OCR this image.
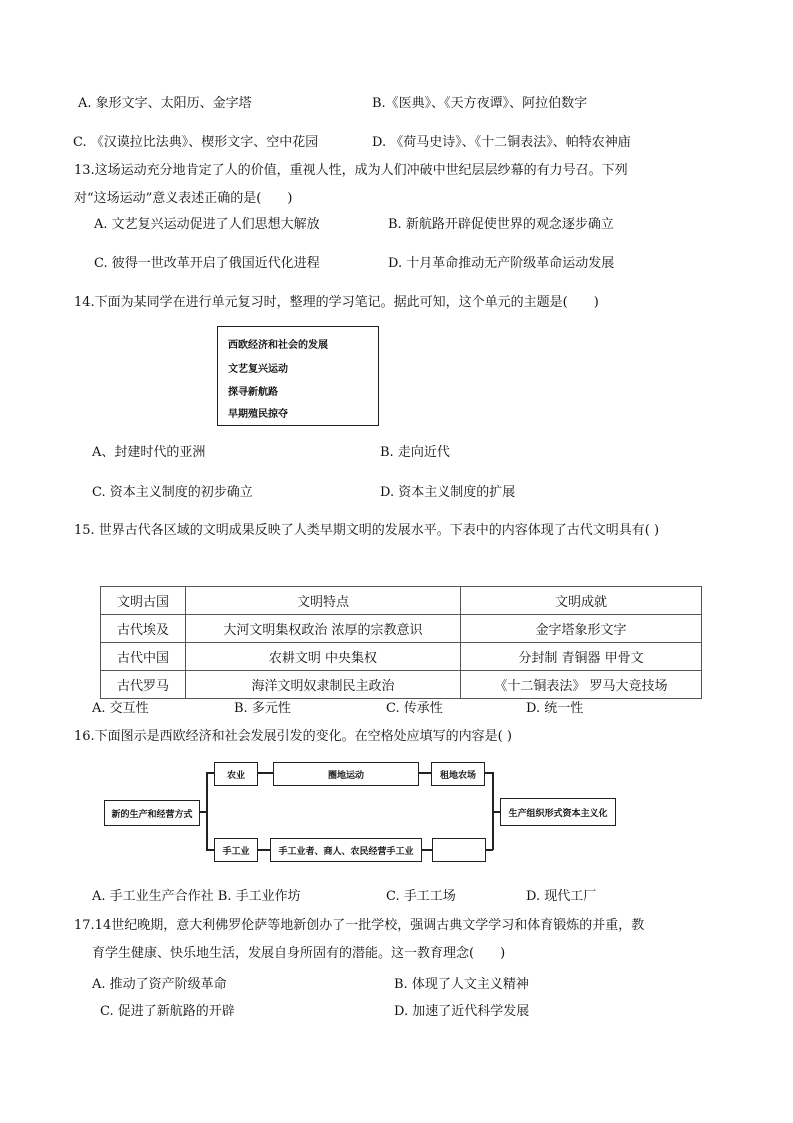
A. 象形文字、太阳历、金字塔	B.《医典》、《天方夜谭》、阿拉伯数字
C. 《汉谟拉比法典》、楔形文字、空中花园	D. 《荷马史诗》、《十二铜表法》、帕特农神庙
13.这场运动充分地肯定了人的价值，重视人性，成为人们冲破中世纪层层纱幕的有力号召。下列
对“这场运动”意义表述正确的是(　　)
A. 文艺复兴运动促进了人们思想大解放	B. 新航路开辟促使世界的观念逐步确立
C. 彼得一世改革开启了俄国近代化进程	D. 十月革命推动无产阶级革命运动发展
14.下面为某同学在进行单元复习时，整理的学习笔记。据此可知，这个单元的主题是(　　)
西欧经济和社会的发展
文艺复兴运动
探寻新航路
早期殖民掠夺
A、封建时代的亚洲	B. 走向近代
C. 资本主义制度的初步确立	D. 资本主义制度的扩展
15. 世界古代各区域的文明成果反映了人类早期文明的发展水平。下表中的内容体现了古代文明具有( )
文明古国	文明特点	文明成就
古代埃及	大河文明集权政治 浓厚的宗教意识	金字塔象形文字
古代中国	农耕文明 中央集权	分封制 青铜器 甲骨文
古代罗马	海洋文明奴隶制民主政治	《十二铜表法》 罗马大竞技场
A. 交互性	B. 多元性	C. 传承性	D. 统一性
16.下面图示是西欧经济和社会发展引发的变化。在空格处应填写的内容是( )
新的生产和经营方式
农业	圈地运动	租地农场
手工业	手工业者、商人、农民经营手工业
生产组织形式资本主义化
A. 手工业生产合作社 B. 手工业作坊	C. 手工工场	D. 现代工厂
17.14世纪晚期，意大利佛罗伦萨等地新创办了一批学校，强调古典文学学习和体育锻炼的并重，教
育学生健康、快乐地生活，发展自身所固有的潜能。这一教育理念(　　)
A. 推动了资产阶级革命	B. 体现了人文主义精神
C. 促进了新航路的开辟	D. 加速了近代科学发展
